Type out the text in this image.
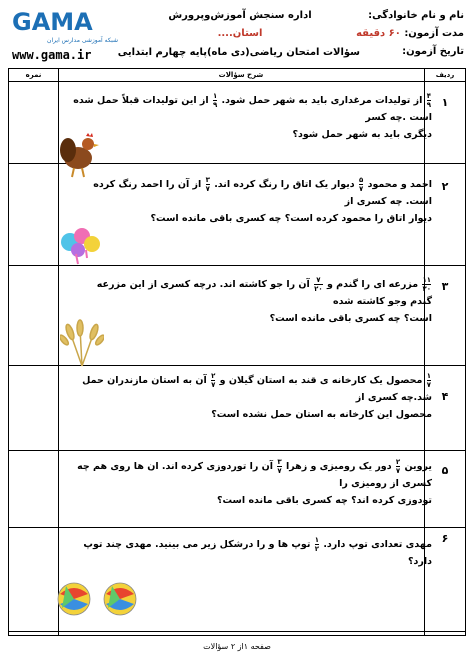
GAMA
شبکه آموزشی مدارس ایران
www.gama.ir
نام و نام خانوادگی:
مدت آزمون: ۶۰ دقیقه
تاریخ آزمون:
اداره سنجش آموزش‌وپرورش
استان....
سؤالات امتحان ریاضی(دی ماه)پایه چهارم ابتدایی
نمره	شرح سؤالات	ردیف
۱
$\frac{۴}{۹}$
از تولیدات مرغداری باید به شهر حمل شود.
$\frac{۱}{۹}$
از این تولیدات قبلاً حمل شده است .چه کسر
دیگری باید به شهر حمل شود؟
۲
احمد و محمود
$\frac{۵}{۷}$
دیوار یک اتاق را رنگ کرده اند.
$\frac{۳}{۷}$
از آن را احمد رنگ کرده است. چه کسری از
دیوار اتاق را محمود کرده است؟ چه کسری باقی مانده است؟
۳
$\frac{۱۱}{۲۰}$
مزرعه ای را گندم و
$\frac{۷}{۲۰}$
آن را جو کاشته اند. درچه کسری از این مزرعه گندم وجو کاشته شده
است؟ چه کسری باقی مانده است؟
۴
$\frac{۱}{۷}$
محصول یک کارخانه ی قند به استان گیلان و
$\frac{۲}{۷}$
آن به استان مازندران حمل شد.چه کسری از
محصول این کارخانه به استان حمل نشده است؟
۵
یروین
$\frac{۲}{۷}$
دور یک رومیزی و زهرا
$\frac{۳}{۷}$
آن را توردوزی کرده اند. ان ها روی هم چه کسری از رومیزی را
تودوزی کرده اند؟ چه کسری باقی مانده است؟
۶
مهدی تعدادی توپ دارد.
$\frac{۱}{۲}$
توپ ها و را درشکل زیر می بینید. مهدی چند توپ دارد؟
صفحه ۱از ۲ سؤالات
